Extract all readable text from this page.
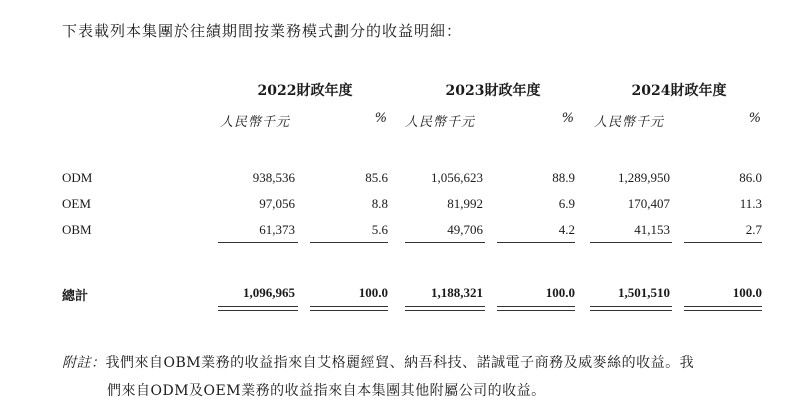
下表載列本集團於往績期間按業務模式劃分的收益明細：
2022財政年度	2023財政年度	2024財政年度
人民幣千元	% 人民幣千元	% 人民幣千元	%
ODM	938,536	85.6	1,056,623	88.9	1,289,950	86.0
OEM	97,056	8.8	81,992	6.9	170,407	11.3
OBM	61,373	5.6	49,706	4.2	41,153	2.7
總計	1,096,965	100.0	1,188,321	100.0	1,501,510	100.0
附註：我們來自OBM業務的收益指來自艾格麗經貿、納吾科技、諾誠電子商務及威麥絲的收益。我
們來自ODM及OEM業務的收益指來自本集團其他附屬公司的收益。
